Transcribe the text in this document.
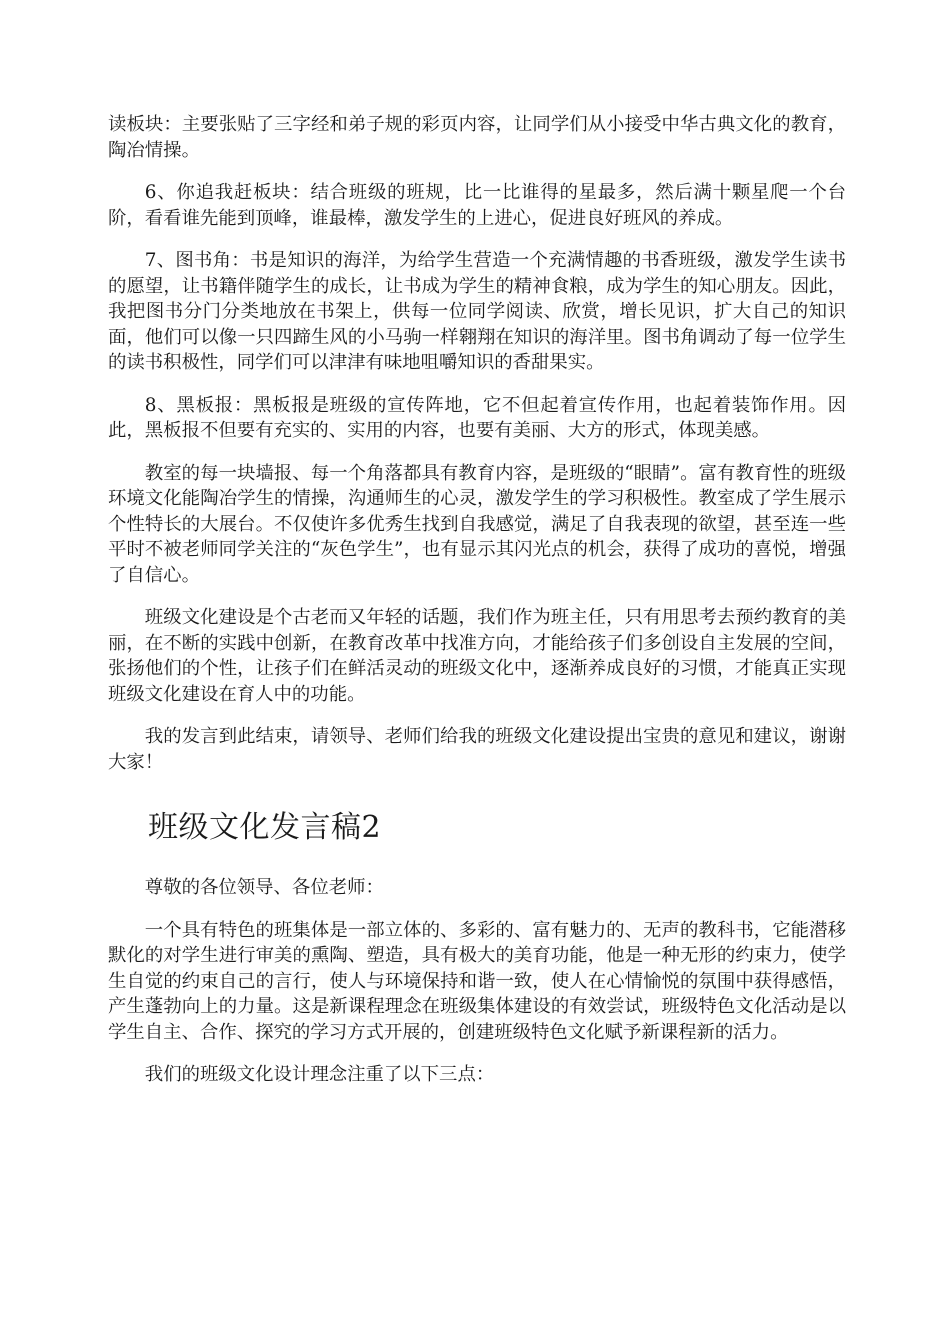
读板块：主要张贴了三字经和弟子规的彩页内容，让同学们从小接受中华古典文化的教育，陶冶情操。

6、你追我赶板块：结合班级的班规，比一比谁得的星最多，然后满十颗星爬一个台阶，看看谁先能到顶峰，谁最棒，激发学生的上进心，促进良好班风的养成。

7、图书角：书是知识的海洋，为给学生营造一个充满情趣的书香班级，激发学生读书的愿望，让书籍伴随学生的成长，让书成为学生的精神食粮，成为学生的知心朋友。因此，我把图书分门分类地放在书架上，供每一位同学阅读、欣赏，增长见识，扩大自己的知识面，他们可以像一只四蹄生风的小马驹一样翱翔在知识的海洋里。图书角调动了每一位学生的读书积极性，同学们可以津津有味地咀嚼知识的香甜果实。

8、黑板报：黑板报是班级的宣传阵地，它不但起着宣传作用，也起着装饰作用。因此，黑板报不但要有充实的、实用的内容，也要有美丽、大方的形式，体现美感。

教室的每一块墙报、每一个角落都具有教育内容，是班级的“眼睛”。富有教育性的班级环境文化能陶冶学生的情操，沟通师生的心灵，激发学生的学习积极性。教室成了学生展示个性特长的大展台。不仅使许多优秀生找到自我感觉，满足了自我表现的欲望，甚至连一些平时不被老师同学关注的“灰色学生”，也有显示其闪光点的机会，获得了成功的喜悦，增强了自信心。

班级文化建设是个古老而又年轻的话题，我们作为班主任，只有用思考去预约教育的美丽，在不断的实践中创新，在教育改革中找准方向，才能给孩子们多创设自主发展的空间，张扬他们的个性，让孩子们在鲜活灵动的班级文化中，逐渐养成良好的习惯，才能真正实现班级文化建设在育人中的功能。

我的发言到此结束，请领导、老师们给我的班级文化建设提出宝贵的意见和建议，谢谢大家！

班级文化发言稿2

尊敬的各位领导、各位老师：

一个具有特色的班集体是一部立体的、多彩的、富有魅力的、无声的教科书，它能潜移默化的对学生进行审美的熏陶、塑造，具有极大的美育功能，他是一种无形的约束力，使学生自觉的约束自己的言行，使人与环境保持和谐一致，使人在心情愉悦的氛围中获得感悟，产生蓬勃向上的力量。这是新课程理念在班级集体建设的有效尝试，班级特色文化活动是以学生自主、合作、探究的学习方式开展的，创建班级特色文化赋予新课程新的活力。

我们的班级文化设计理念注重了以下三点：
